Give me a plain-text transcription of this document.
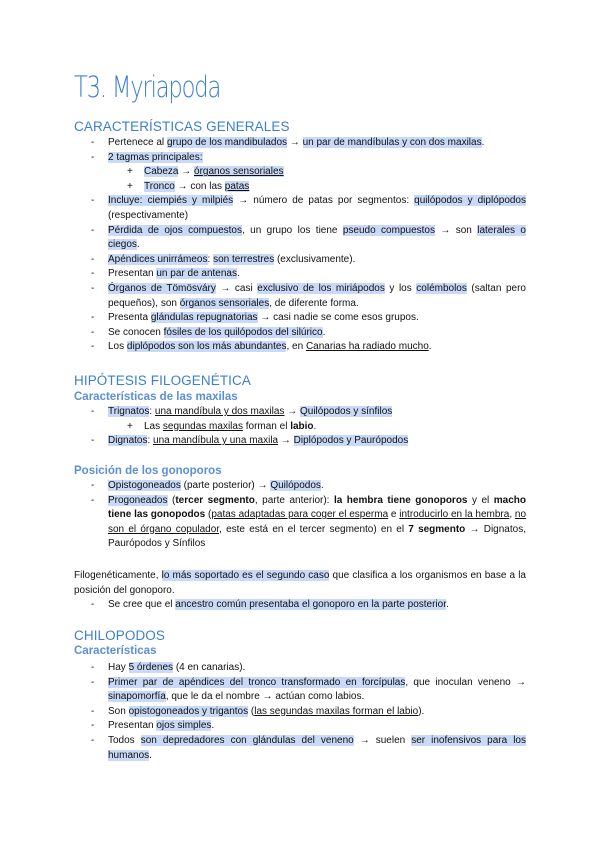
T3. Myriapoda
CARACTERÍSTICAS GENERALES
- Pertenece al grupo de los mandibulados → un par de mandíbulas y con dos maxilas.
- 2 tagmas principales:
+ Cabeza → órganos sensoriales
+ Tronco → con las patas
- Incluye: ciempiés y milpiés → número de patas por segmentos: quilópodos y diplópodos (respectivamente)
- Pérdida de ojos compuestos, un grupo los tiene pseudo compuestos → son laterales o ciegos.
- Apéndices unirrámeos: son terrestres (exclusivamente).
- Presentan un par de antenas.
- Órganos de Tömösváry → casi exclusivo de los miriápodos y los colémbolos (saltan pero pequeños), son órganos sensoriales, de diferente forma.
- Presenta glándulas repugnatorias → casi nadie se come esos grupos.
- Se conocen fósiles de los quilópodos del silúrico.
- Los diplópodos son los más abundantes, en Canarias ha radiado mucho.
HIPÓTESIS FILOGENÉTICA
Características de las maxilas
- Trignatos: una mandíbula y dos maxilas → Quilópodos y sínfilos
+ Las segundas maxilas forman el labio.
- Dignatos: una mandíbula y una maxila → Diplópodos y Paurópodos
Posición de los gonoporos
- Opistogoneados (parte posterior) → Quilópodos.
- Progoneados (tercer segmento, parte anterior): la hembra tiene gonoporos y el macho tiene las gonopodos (patas adaptadas para coger el esperma e introducirlo en la hembra, no son el órgano copulador, este está en el tercer segmento) en el 7 segmento → Dignatos, Paurópodos y Sínfilos

Filogenéticamente, lo más soportado es el segundo caso que clasifica a los organismos en base a la posición del gonoporo.

- Se cree que el ancestro común presentaba el gonoporo en la parte posterior.
CHILOPODOS
Características
- Hay 5 órdenes (4 en canarias).
- Primer par de apéndices del tronco transformado en forcípulas, que inoculan veneno → sinapomorfía, que le da el nombre → actúan como labios.
- Son opistogoneados y trigantos (las segundas maxilas forman el labio).
- Presentan ojos simples.
- Todos son depredadores con glándulas del veneno → suelen ser inofensivos para los humanos.
